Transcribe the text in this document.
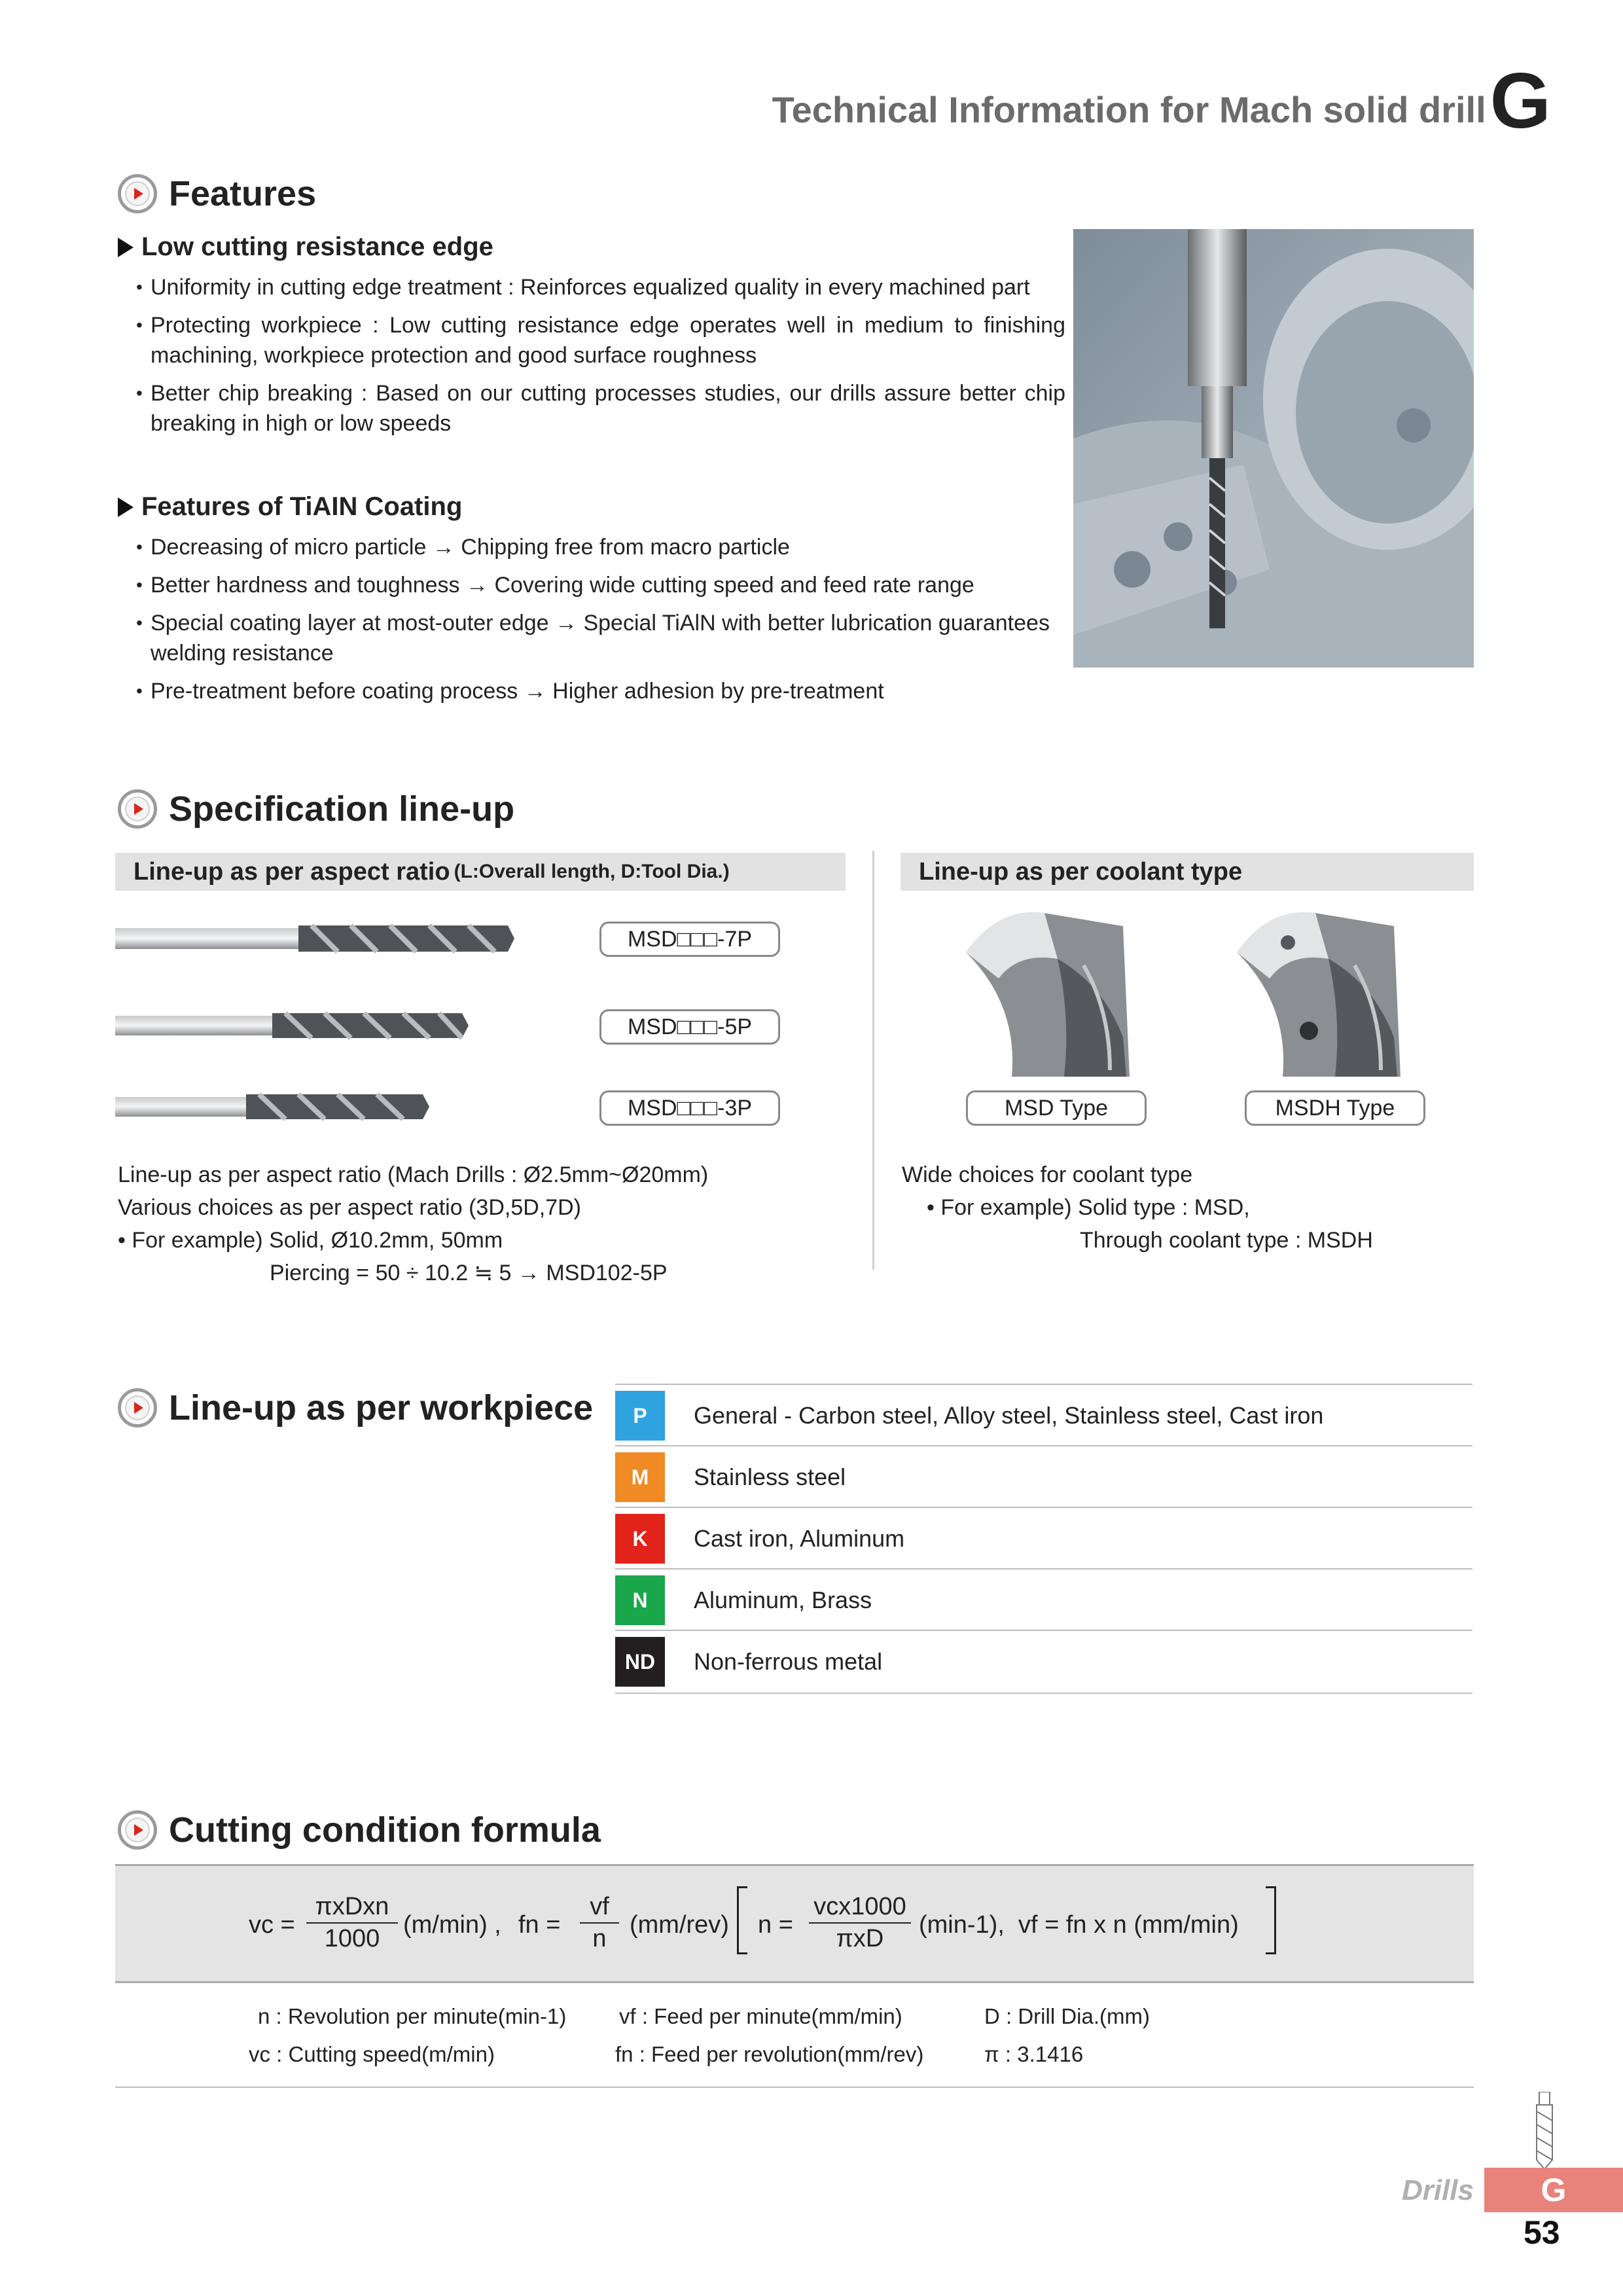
Technical Information for Mach solid drill G
Features
Low cutting resistance edge
• Uniformity in cutting edge treatment : Reinforces equalized quality in every machined part
• Protecting workpiece : Low cutting resistance edge operates well in medium to finishing machining, workpiece protection and good surface roughness
• Better chip breaking : Based on our cutting processes studies, our drills assure better chip breaking in high or low speeds
Features of TiAIN Coating
• Decreasing of micro particle → Chipping free from macro particle
• Better hardness and toughness → Covering wide cutting speed and feed rate range
• Special coating layer at most-outer edge → Special TiAlN with better lubrication guarantees welding resistance
• Pre-treatment before coating process → Higher adhesion by pre-treatment
Specification line-up
Line-up as per aspect ratio (L:Overall length, D:Tool Dia.)	Line-up as per coolant type
MSD□□□-7P
MSD□□□-5P
MSD□□□-3P	MSD Type	MSDH Type
Line-up as per aspect ratio (Mach Drills : Ø2.5mm~Ø20mm)
Various choices as per aspect ratio (3D,5D,7D)
• For example) Solid, Ø10.2mm, 50mm
Piercing = 50 ÷ 10.2 ≒ 5 → MSD102-5P
Wide choices for coolant type
• For example) Solid type : MSD,
Through coolant type : MSDH
Line-up as per workpiece	P	General - Carbon steel, Alloy steel, Stainless steel, Cast iron
M	Stainless steel
K	Cast iron, Aluminum
N	Aluminum, Brass
ND	Non-ferrous metal
Cutting condition formula
vc =
πxDxn
1000 (m/min) , fn = $\frac{vf}{n} (mm/rev) n$ =
vcx1000
πxD	(min-1), vf = fn x n (mm/min)
n : Revolution per minute(min-1) vf : Feed per minute(mm/min)	D : Drill Dia.(mm)
vc : Cutting speed(m/min)	fn : Feed per revolution(mm/rev)	π : 3.1416
Drills	G
53
